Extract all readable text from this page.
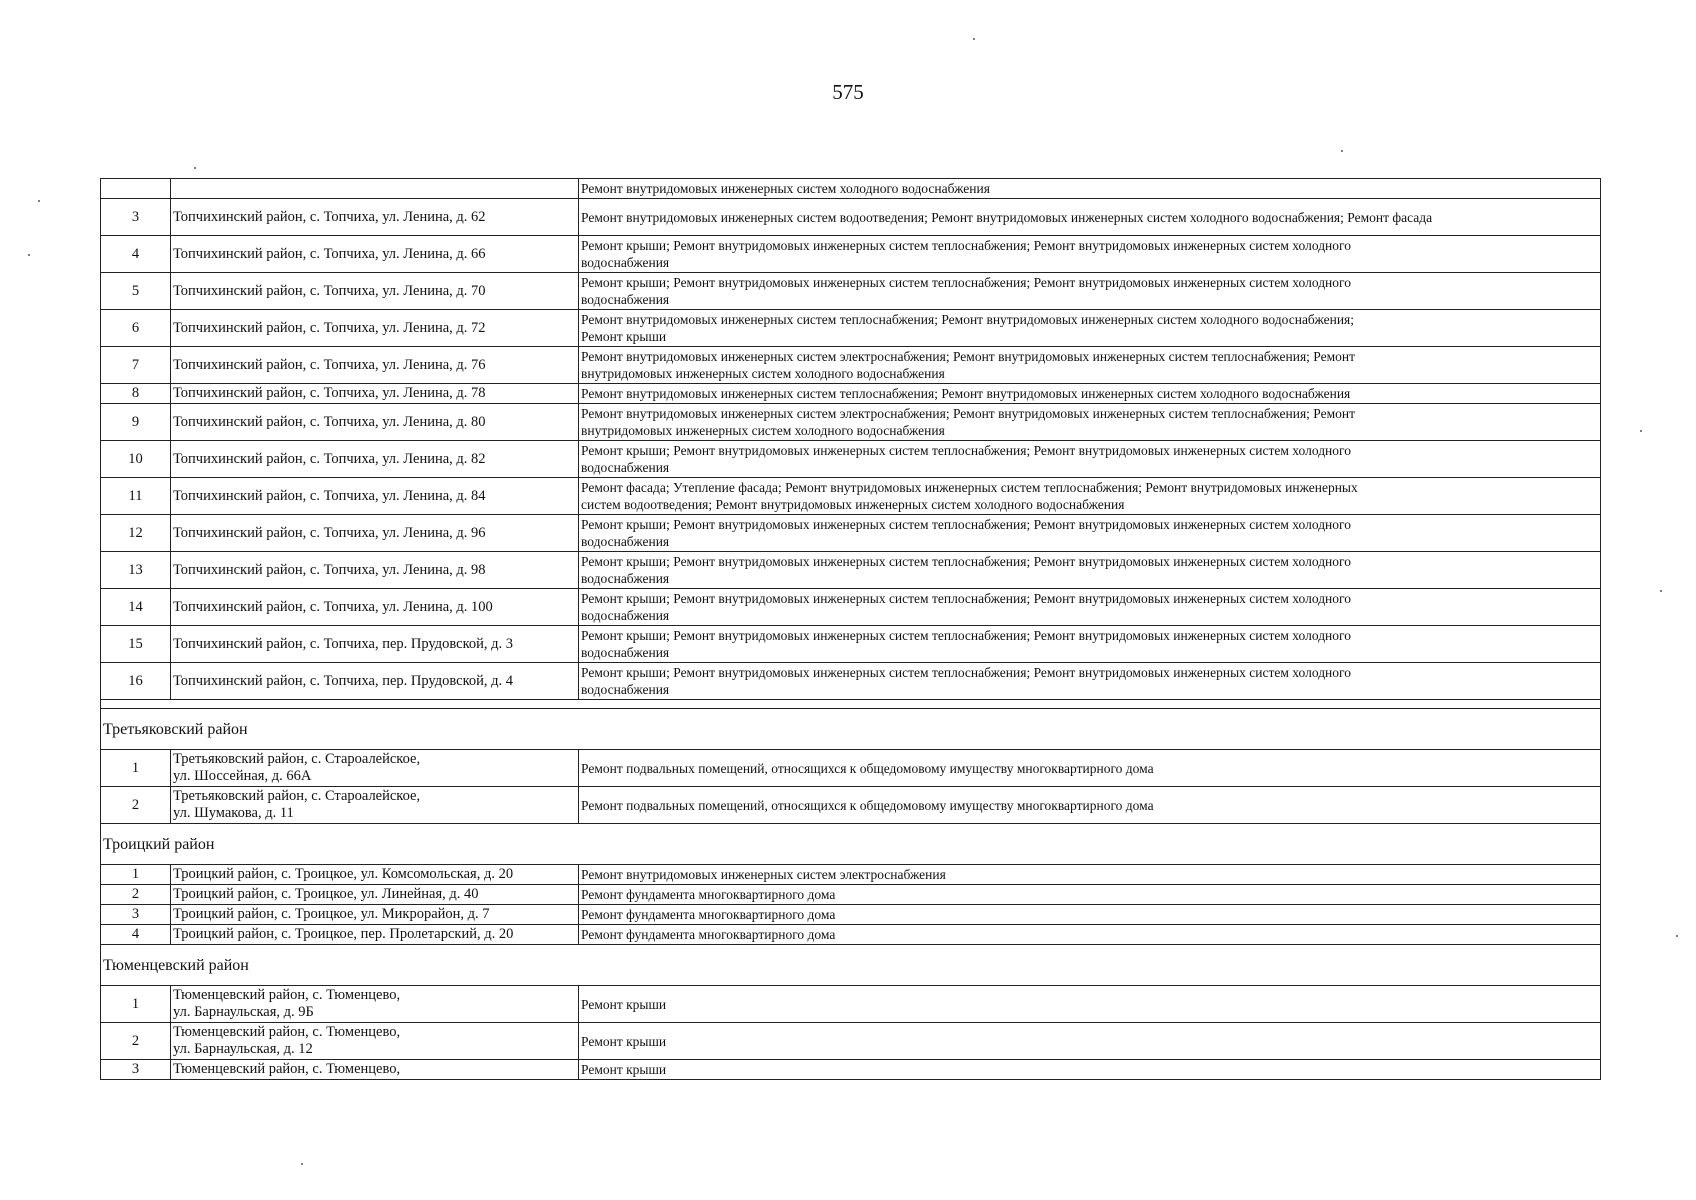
575
		Ремонт внутридомовых инженерных систем холодного водоснабжения
3	Топчихинский район, с. Топчиха, ул. Ленина, д. 62	Ремонт внутридомовых инженерных систем водоотведения; Ремонт внутридомовых инженерных систем холодного водоснабжения; Ремонт фасада
4	Топчихинский район, с. Топчиха, ул. Ленина, д. 66	Ремонт крыши; Ремонт внутридомовых инженерных систем теплоснабжения; Ремонт внутридомовых инженерных систем холодного
водоснабжения
5	Топчихинский район, с. Топчиха, ул. Ленина, д. 70	Ремонт крыши; Ремонт внутридомовых инженерных систем теплоснабжения; Ремонт внутридомовых инженерных систем холодного
водоснабжения
6	Топчихинский район, с. Топчиха, ул. Ленина, д. 72	Ремонт внутридомовых инженерных систем теплоснабжения; Ремонт внутридомовых инженерных систем холодного водоснабжения;
Ремонт крыши
7	Топчихинский район, с. Топчиха, ул. Ленина, д. 76	Ремонт внутридомовых инженерных систем электроснабжения; Ремонт внутридомовых инженерных систем теплоснабжения; Ремонт
внутридомовых инженерных систем холодного водоснабжения
8	Топчихинский район, с. Топчиха, ул. Ленина, д. 78	Ремонт внутридомовых инженерных систем теплоснабжения; Ремонт внутридомовых инженерных систем холодного водоснабжения
9	Топчихинский район, с. Топчиха, ул. Ленина, д. 80	Ремонт внутридомовых инженерных систем электроснабжения; Ремонт внутридомовых инженерных систем теплоснабжения; Ремонт
внутридомовых инженерных систем холодного водоснабжения
10	Топчихинский район, с. Топчиха, ул. Ленина, д. 82	Ремонт крыши; Ремонт внутридомовых инженерных систем теплоснабжения; Ремонт внутридомовых инженерных систем холодного
водоснабжения
11	Топчихинский район, с. Топчиха, ул. Ленина, д. 84	Ремонт фасада; Утепление фасада; Ремонт внутридомовых инженерных систем теплоснабжения; Ремонт внутридомовых инженерных
систем водоотведения; Ремонт внутридомовых инженерных систем холодного водоснабжения
12	Топчихинский район, с. Топчиха, ул. Ленина, д. 96	Ремонт крыши; Ремонт внутридомовых инженерных систем теплоснабжения; Ремонт внутридомовых инженерных систем холодного
водоснабжения
13	Топчихинский район, с. Топчиха, ул. Ленина, д. 98	Ремонт крыши; Ремонт внутридомовых инженерных систем теплоснабжения; Ремонт внутридомовых инженерных систем холодного
водоснабжения
14	Топчихинский район, с. Топчиха, ул. Ленина, д. 100	Ремонт крыши; Ремонт внутридомовых инженерных систем теплоснабжения; Ремонт внутридомовых инженерных систем холодного
водоснабжения
15	Топчихинский район, с. Топчиха, пер. Прудовской, д. 3	Ремонт крыши; Ремонт внутридомовых инженерных систем теплоснабжения; Ремонт внутридомовых инженерных систем холодного
водоснабжения
16	Топчихинский район, с. Топчиха, пер. Прудовской, д. 4	Ремонт крыши; Ремонт внутридомовых инженерных систем теплоснабжения; Ремонт внутридомовых инженерных систем холодного
водоснабжения

Третьяковский район		
1	Третьяковский район, с. Староалейское,
ул. Шоссейная, д. 66А	Ремонт подвальных помещений, относящихся к общедомовому имуществу многоквартирного дома
2	Третьяковский район, с. Староалейское,
ул. Шумакова, д. 11	Ремонт подвальных помещений, относящихся к общедомовому имуществу многоквартирного дома
Троицкий район		
1	Троицкий район, с. Троицкое, ул. Комсомольская, д. 20	Ремонт внутридомовых инженерных систем электроснабжения
2	Троицкий район, с. Троицкое, ул. Линейная, д. 40	Ремонт фундамента многоквартирного дома
3	Троицкий район, с. Троицкое, ул. Микрорайон, д. 7	Ремонт фундамента многоквартирного дома
4	Троицкий район, с. Троицкое, пер. Пролетарский, д. 20	Ремонт фундамента многоквартирного дома
Тюменцевский район		
1	Тюменцевский район, с. Тюменцево,
ул. Барнаульская, д. 9Б	Ремонт крыши
2	Тюменцевский район, с. Тюменцево,
ул. Барнаульская, д. 12	Ремонт крыши
3	Тюменцевский район, с. Тюменцево,	Ремонт крыши
